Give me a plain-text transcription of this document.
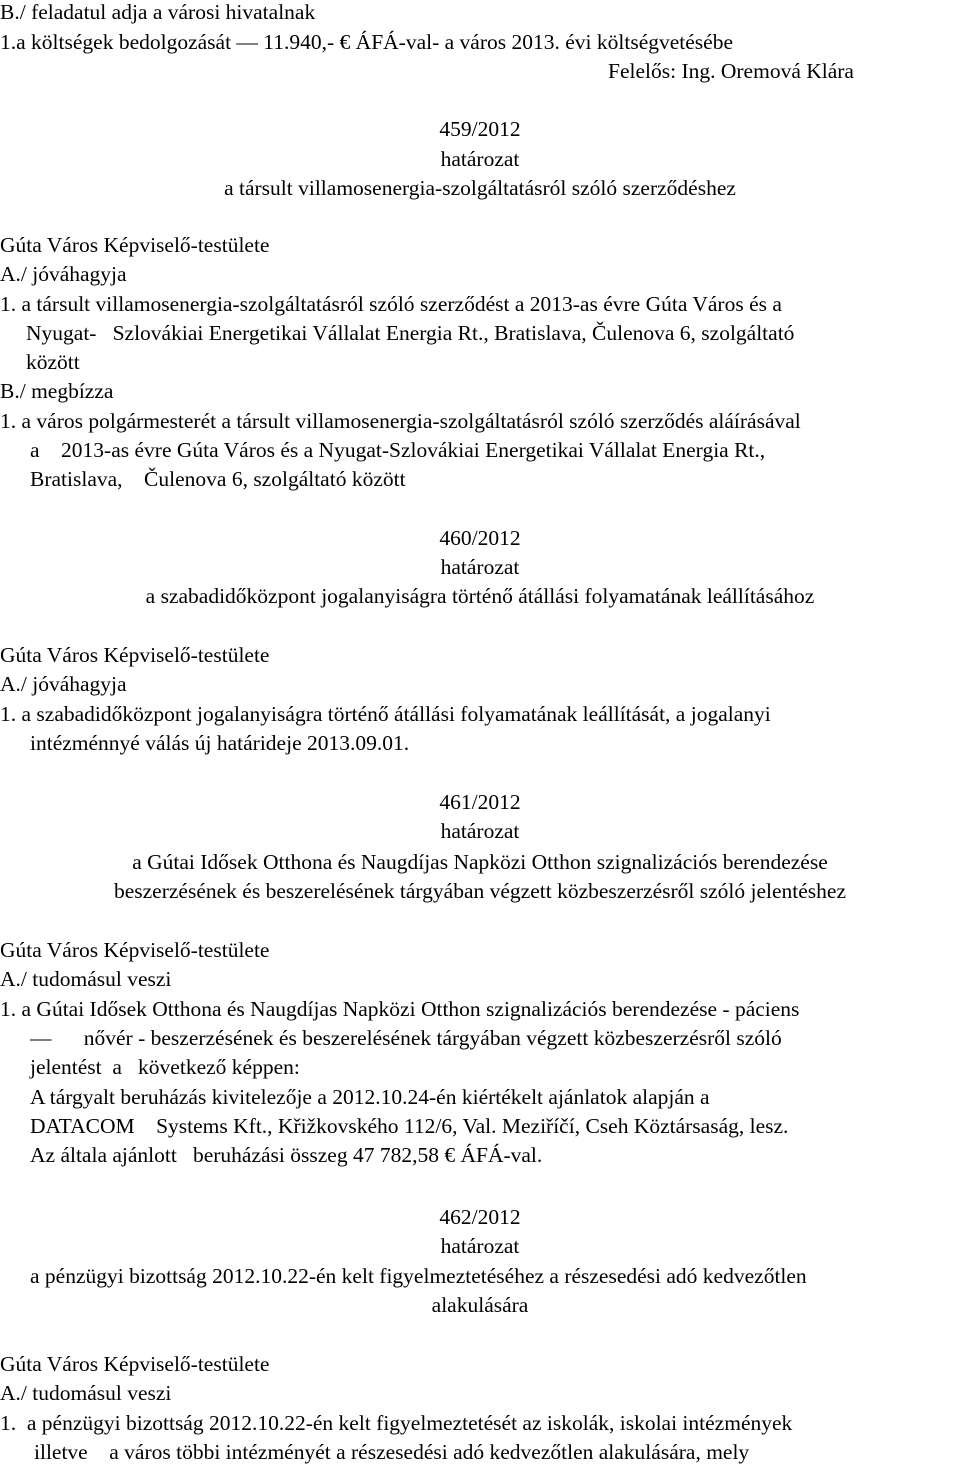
B./ feladatul adja a városi hivatalnak
1.a költségek bedolgozását — 11.940,- € ÁFÁ-val- a város 2013. évi költségvetésébe
Felelős: Ing. Oremová Klára
459/2012
határozat
a társult villamosenergia-szolgáltatásról szóló szerződéshez
Gúta Város Képviselő-testülete
A./ jóváhagyja
1. a társult villamosenergia-szolgáltatásról szóló szerződést a 2013-as évre Gúta Város és a
Nyugat-   Szlovákiai Energetikai Vállalat Energia Rt., Bratislava, Čulenova 6, szolgáltató
között
B./ megbízza
1. a város polgármesterét a társult villamosenergia-szolgáltatásról szóló szerződés aláírásával
a    2013-as évre Gúta Város és a Nyugat-Szlovákiai Energetikai Vállalat Energia Rt.,
Bratislava,    Čulenova 6, szolgáltató között
460/2012
határozat
a szabadidőközpont jogalanyiságra történő átállási folyamatának leállításához
Gúta Város Képviselő-testülete
A./ jóváhagyja
1. a szabadidőközpont jogalanyiságra történő átállási folyamatának leállítását, a jogalanyi
intézménnyé válás új határideje 2013.09.01.
461/2012
határozat
a Gútai Idősek Otthona és Naugdíjas Napközi Otthon szignalizációs berendezése
beszerzésének és beszerelésének tárgyában végzett közbeszerzésről szóló jelentéshez
Gúta Város Képviselő-testülete
A./ tudomásul veszi
1. a Gútai Idősek Otthona és Naugdíjas Napközi Otthon szignalizációs berendezése - páciens
—      nővér - beszerzésének és beszerelésének tárgyában végzett közbeszerzésről szóló
jelentést  a   következő képpen:
A tárgyalt beruházás kivitelezője a 2012.10.24-én kiértékelt ajánlatok alapján a
DATACOM    Systems Kft., Křižkovského 112/6, Val. Meziříčí, Cseh Köztársaság, lesz.
Az általa ajánlott   beruházási összeg 47 782,58 € ÁFÁ-val.
462/2012
határozat
a pénzügyi bizottság 2012.10.22-én kelt figyelmeztetéséhez a részesedési adó kedvezőtlen
alakulására
Gúta Város Képviselő-testülete
A./ tudomásul veszi
1.  a pénzügyi bizottság 2012.10.22-én kelt figyelmeztetését az iskolák, iskolai intézmények
illetve    a város többi intézményét a részesedési adó kedvezőtlen alakulására, mely
